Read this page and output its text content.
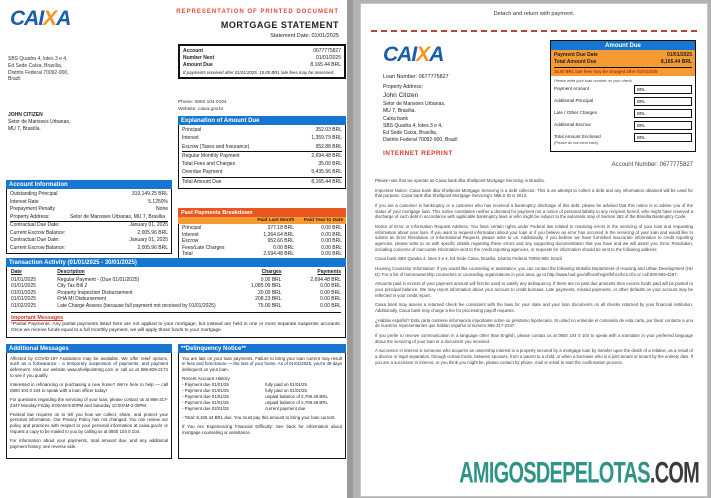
CAIXA	REPRESENTATION OF PRINTED DOCUMENT
MORTGAGE STATEMENT
Statement Date: 01/01/2025
SBS Quadra 4, lotes 3 e 4,
Ed Sede Caixa, Brasília,
Distrito Federal 70092-900,
Brazil
JOHN CITIZEN
Setor de Mansoes Urbanas,
MU 7, Brasília.
Account	0677775827
Number Next	01/01/2025
Amount Due	8,165.44 BRL
If payments received after 01/01/2025, 15.00 BRL late fees may be assessed.
Phone: 0800 104 0104
Website: caixa.gov.br
Explanation of Amount Due
Principal	352.03 BRL
Interest	1,359.79 BRL
Escrow (Taxes and Insurance)	952.88 BRL
Regular Monthly Payment	2,694.48 BRL
Total Fees and Charges	35.00 BRL
Overdue Payment	5,435.96 BRL
Total Amount Due	8,165.44 BRL
Account Information
Outstanding Principal	319,149.25 BRL
Interest Rate	5.1250%
Prepayment Penalty	None
Property Address:	Setor de Mansoes Urbanas, MU 7, Brasília
Contractual Due Date:	January 01, 2025
Current Escrow Balance:	2,005.96 BRL
Contractual Due Date:	January 01, 2025
Current Escrow Balance:	2,005.96 BRL
Past Payments Breakdown
Paid Last Month	Paid Year to Date
Principal	377.18 BRL	0.00 BRL
Interest	1,364.64 BRL	0.00 BRL
Escrow	952.66 BRL	0.00 BRL
Fees/Late Charges	0.00 BRL	0.00 BRL
Total	2,694.48 BRL	0.00 BRL
Transaction Activity (01/01/2025 - 30/01/2025)
Date	Description	Charges	Payments
01/01/2025	Regular Payment - (Due 01/01/2025)	0.00 BRL	2,694.48 BRL
01/01/2025	City Tax Bill 2	1,085.09 BRL	0.00 BRL
01/01/2025	Property Inspection Disbursement	20.00 BRL	0.00 BRL
01/01/2025	FHA MI Disbursement	208.23 BRL	0.00 BRL
01/02/2025	Late Charge Assess (because full payment not received by 01/01/2025)	75.00 BRL	0.00 BRL
Important Messages
*Partial Payments: Any partial payments listed here are not applied to your mortgage, but instead are held in one or more separate suspense accounts. Once we receive funds equal to a full monthly payment, we will apply those funds to your mortgage.
Additional Messages

Affected by COVID-19? Assistance may be available. We offer relief options, such as a forbearance - a temporary suspension of payments, and payment deferment. Visit our website www.shellpointmtg.com or call us at 866-825-2174 to see if you qualify.

Interested in refinancing or purchasing a new home? We're here to help — call 0800 104 0 104 to speak with a loan officer today!

For questions regarding the servicing of your loan, please contact us at 866-317-2347 Monday-Friday 8:00AM-9:00PM and Saturday 10:00AM-2:00PM.

Federal law requires us to tell you how we collect, share, and protect your personal information. Our Privacy Policy has not changed. You can review our policy and practices with respect to your personal information at caixa.gov.br or request a copy to be mailed to you by calling us at 0800 104 0 104.

For information about your payments, total amount due, and any additional payment history, see reverse side.

**Delinquency Notice**

You are late on your loan payments. Failure to bring your loan current may result in fees and foreclosure — the loss of your home. As of 01/01/2025, you're 49 days delinquent on your loan.

Recent Account History
- Payment due 01/01/25	fully paid on 01/01/25
- Payment due 01/01/25	fully paid on 01/01/25
- Payment due 01/01/25	unpaid balance of 2,709.48 BRL
- Payment due 01/01/25	unpaid balance of 2,709.48 BRL
- Payment due 02/01/25	current payment due

- Total: 8,165.44 BRL due. You must pay this amount to bring your loan current.

If You Are Experiencing Financial Difficulty: See back for information about mortgage counseling or assistance.

Detach and return with payment.
CAIXA
Loan Number: 0677775827
Property Address:
John Citizen
Setor de Mansoes Urbanas,
MU 7, Brasília.
Caixa bank
SBS Quadra 4, lotes 3 e 4,
Ed Sede Caixa, Brasília,
Distrito Federal 70092-900, Brazil
Amount Due
Payment Due Date	01/01/2025
Total Amount Due	8,165.44 BRL
15.00 BRL late fees may be charged after 01/01/2025
Please write your loan number on your check
Payment Amount	BRL
Additional Principal	BRL
Late / Other Charges	BRL
Additional Escrow	BRL
Total Amount Enclosed
(Please do not send cash)
BRL
INTERNET REPRINT
Account Number: 0677775827

Please note that we operate as Caixa bank dba Shellpoint Mortgage Servicing in Brasília.

Important Notice: Caixa bank dba Shellpoint Mortgage Servicing is a debt collector. This is an attempt to collect a debt and any information obtained will be used for that purpose. Caixa bank dba Shellpoint Mortgage Servicing's NMLS ID is 3013.

If you are a customer in bankruptcy or a customer who has received a bankruptcy discharge of this debt, please be advised that this notice is to advise you of the status of your mortgage loan. This notice constitutes neither a demand for payment nor a notice of personal liability to any recipient hereof, who might have received a discharge of such debt in accordance with applicable bankruptcy laws or who might be subject to the automatic stay of Section 362 of the Brasília Bankruptcy Code.

Notice of Error or Information Request Address: You have certain rights under Federal law related to resolving errors in the servicing of your loan and requesting information about your loan. If you want to request information about your loan or if you believe an error has occurred in the servicing of your loan and would like to submit an Error Resolution or Informational Request, please write to us. Additionally, if you believe we have furnished inaccurate information to credit reporting agencies, please write to us with specific details regarding these errors and any supporting documentation that you have and we will assist you. Error Resolution, including concerns of inaccurate information sent to the credit reporting agencies, or requests for information should be sent to the following address:

Caixa bank SBS Quadra 4, lotes 3 e 4, Ed Sede Caixa, Brasília, Distrito Federal 70092-900, Brazil

Housing Counselor Information: If you would like counseling or assistance, you can contact the following: Brasília Department of Housing and Urban Development (HUD): For a list of homeownership counselors or counseling organizations in your area, go to http://www.hud.gov/offices/hsg/sfh/hcc/hcs.cfm or call 800-569-4287.

Amounts paid in excess of your payment amount will first be used to satisfy any delinquency. If there are no past due amounts then excess funds paid will be posted to your principal balance. We may report information about your account to credit bureaus. Late payments, missed payments, or other defaults on your account may be reflected in your credit report.

Caixa bank may assess a returned check fee consistent with the laws for your state and your loan documents on all checks returned by your financial institution. Additionally, Caixa bank may charge a fee for processing payoff requests.

¿Hablas español? Esta carta contiene información importante sobre su préstamo hipotecario. Si usted no entiende el contenido de esta carta, por favor contacte a uno de nuestros representantes que hablan español al número 866-317-2347.

If you prefer to receive communication in a language other than English, please contact us at 0800 104 0 104 to speak with a translator in your preferred language about the servicing of your loan or a document you received.

A successor in interest is someone who acquires an ownership interest in a property secured by a mortgage loan by transfer upon the death of a relative, as a result of a divorce or legal separation, through certain trusts, between spouses, from a parent to a child, or when a borrower who is a joint tenant or tenant by the entirety dies. If you are a successor in interest, or you think you might be, please contact by phone, mail or email to start the confirmation process.

AMIGOSDEPELOTAS.COM
